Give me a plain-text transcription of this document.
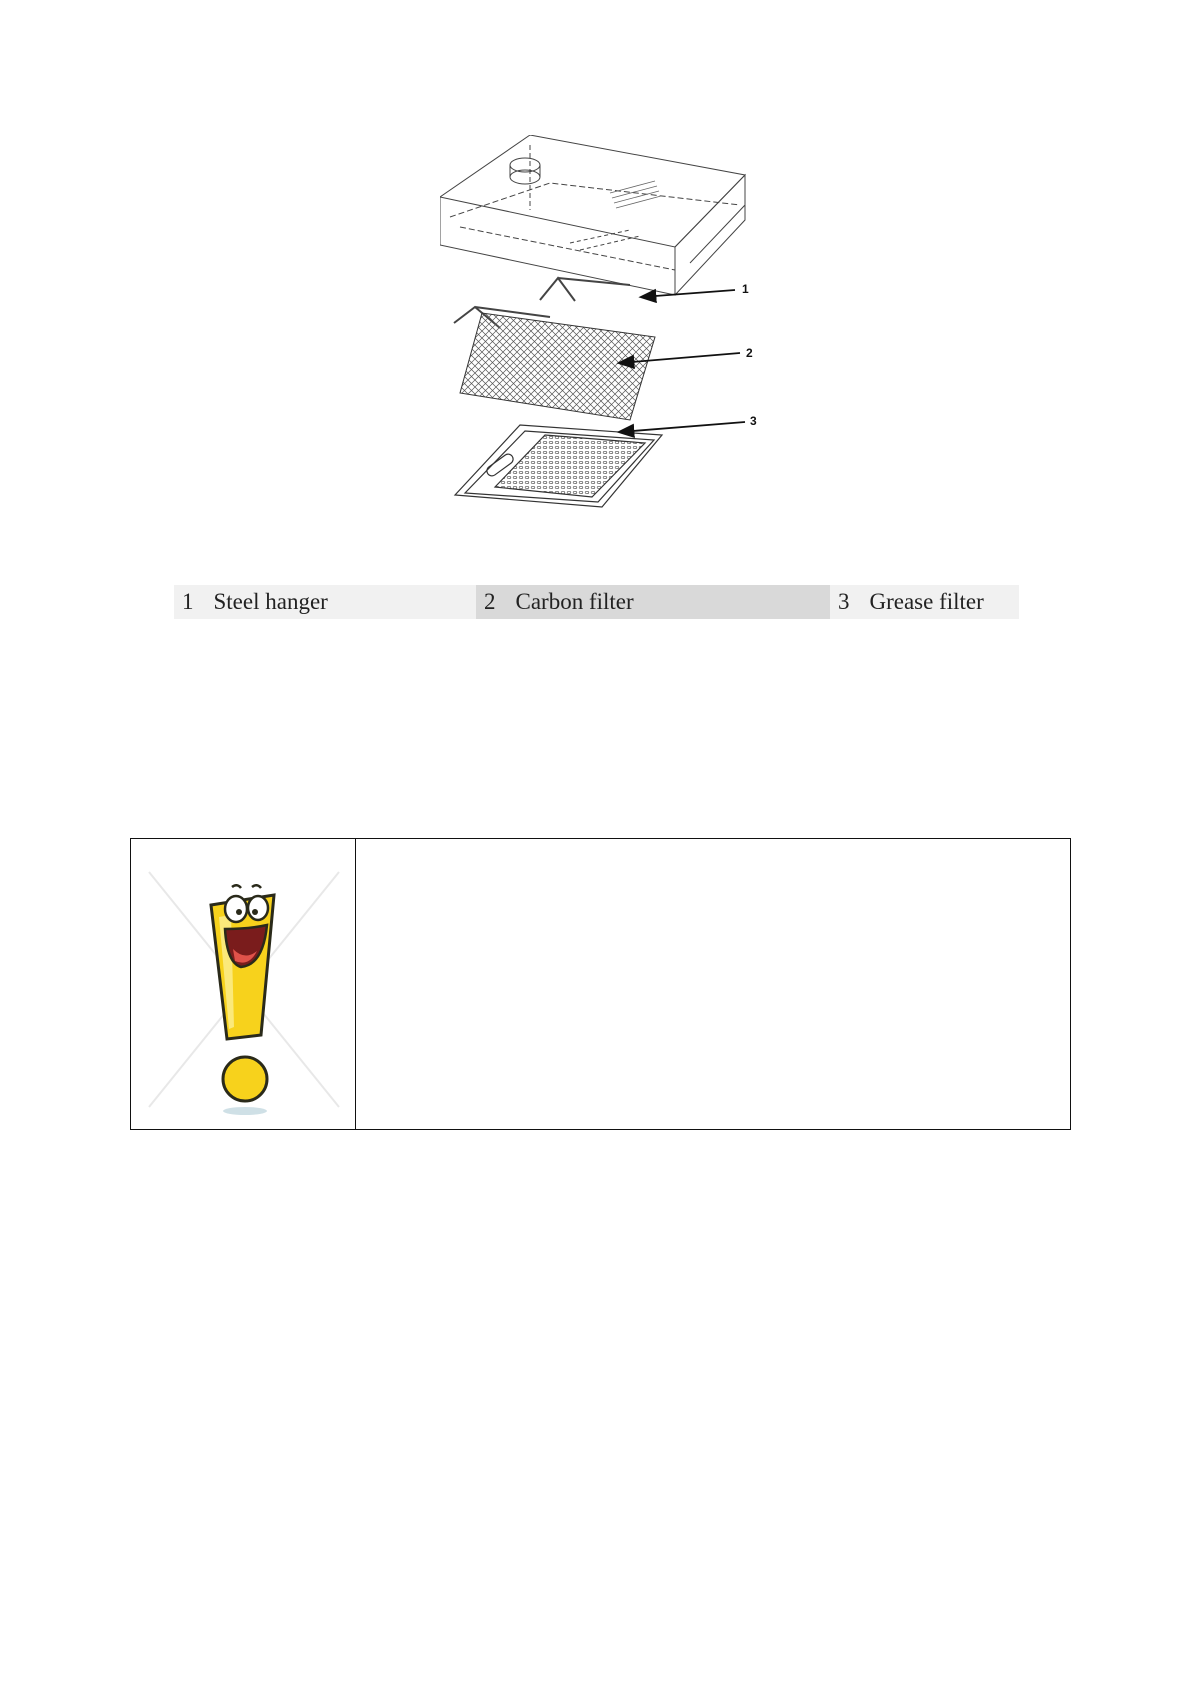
1
2
3
1 Steel hanger	2 Carbon filter	3 Grease filter
